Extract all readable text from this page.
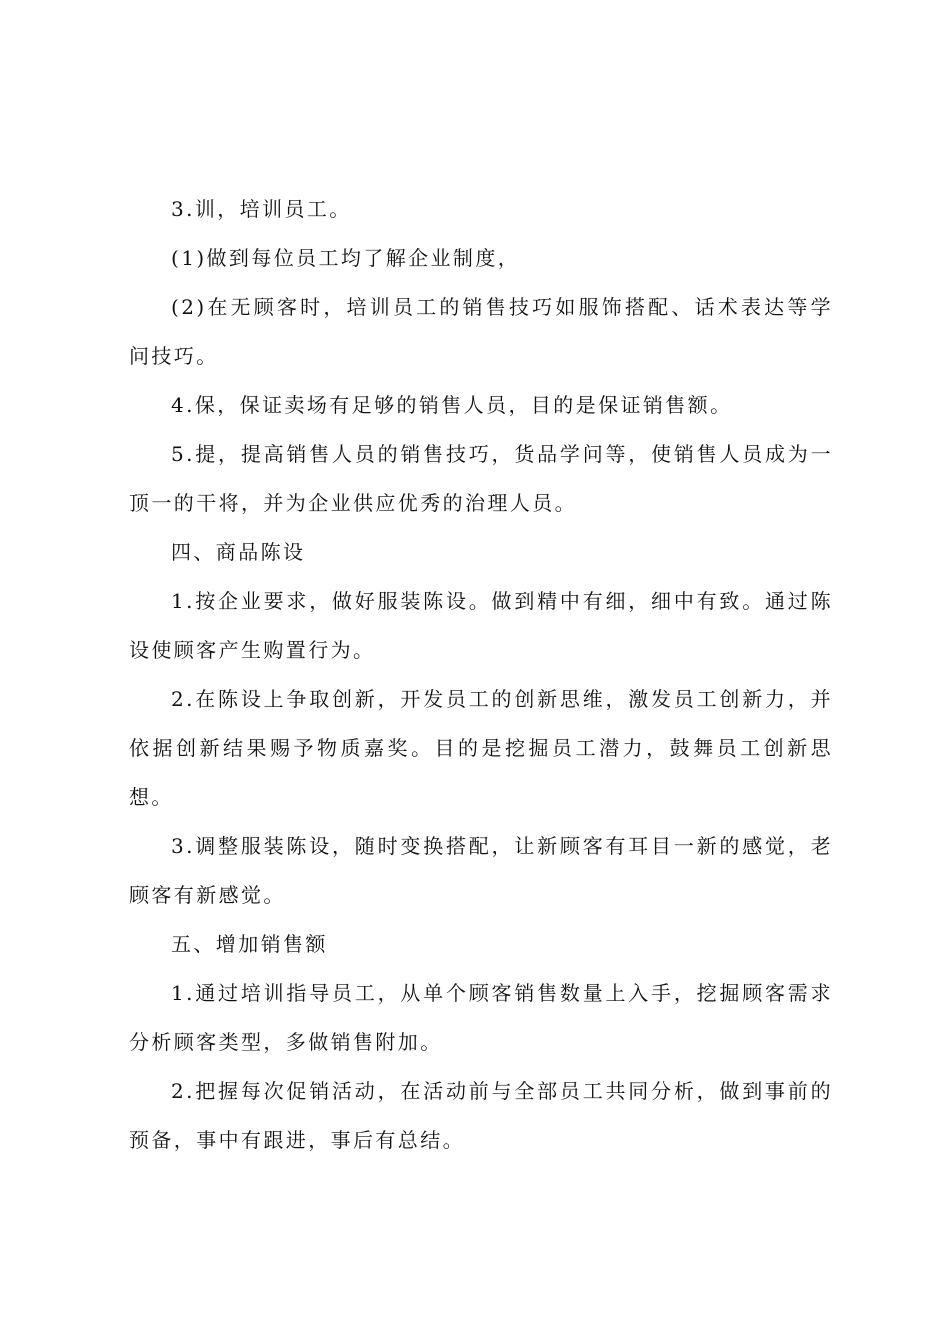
3.训，培训员工。

(1)做到每位员工均了解企业制度，

(2)在无顾客时，培训员工的销售技巧如服饰搭配、话术表达等学问技巧。

4.保，保证卖场有足够的销售人员，目的是保证销售额。

5.提，提高销售人员的销售技巧，货品学问等，使销售人员成为一顶一的干将，并为企业供应优秀的治理人员。

四、商品陈设

1.按企业要求，做好服装陈设。做到精中有细，细中有致。通过陈设使顾客产生购置行为。

2.在陈设上争取创新，开发员工的创新思维，激发员工创新力，并依据创新结果赐予物质嘉奖。目的是挖掘员工潜力，鼓舞员工创新思想。

3.调整服装陈设，随时变换搭配，让新顾客有耳目一新的感觉，老顾客有新感觉。

五、增加销售额

1.通过培训指导员工，从单个顾客销售数量上入手，挖掘顾客需求分析顾客类型，多做销售附加。

2.把握每次促销活动，在活动前与全部员工共同分析，做到事前的预备，事中有跟进，事后有总结。
